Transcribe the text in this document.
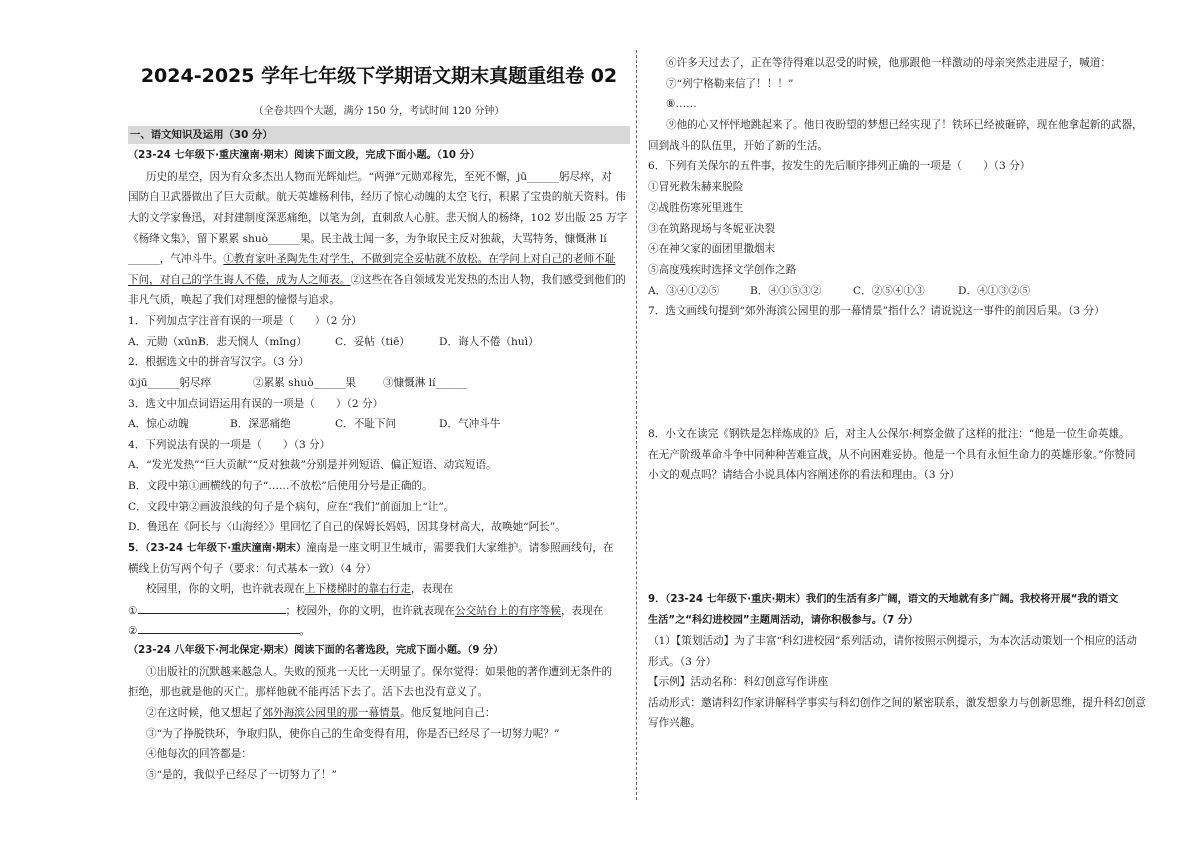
2024-2025 学年七年级下学期语文期末真题重组卷 02
（全卷共四个大题，满分 150 分，考试时间 120 分钟）
一、语文知识及运用（30 分）
（23-24 七年级下·重庆潼南·期末）阅读下面文段，完成下面小题。（10 分）
历史的星空，因为有众多杰出人物而光辉灿烂。“两弹”元勋邓稼先，至死不懈，jū______躬尽瘁，对
国防自卫武器做出了巨大贡献。航天英雄杨利伟，经历了惊心动魄的太空飞行，积累了宝贵的航天资料。伟
大的文学家鲁迅，对封建制度深恶痛绝，以笔为剑，直刺敌人心脏。悲天悯人的杨绛，102 岁出版 25 万字
《杨绛文集》，留下累累 shuò______果。民主战士闻一多，为争取民主反对独裁，大骂特务，慷慨淋 lí
______，气冲斗牛。①教育家叶圣陶先生对学生，不做到完全妥帖就不放松。在学问上对自己的老师不耻
下问，对自己的学生诲人不倦，成为人之师表。②这些在各自领域发光发热的杰出人物，我们感受到他们的
非凡气质，唤起了我们对理想的憧憬与追求。
1．下列加点字注音有误的一项是（　　）（2 分）
A．元勋（xūn）B．悲天悯人（mǐng）	C．妥帖（tiē）	D．诲人不倦（huì）
2．根据选文中的拼音写汉字。（3 分）
①jū______躬尽瘁	②累累 shuò______果	③慷慨淋 lí______
3．选文中加点词语运用有误的一项是（　　）（2 分）
A．惊心动魄	B．深恶痛绝	C．不耻下问	D．气冲斗牛
4．下列说法有误的一项是（　　）（3 分）
A．“发光发热”“巨大贡献”“反对独裁”分别是并列短语、偏正短语、动宾短语。
B．文段中第①画横线的句子“……不放松”后使用分号是正确的。
C．文段中第②画波浪线的句子是个病句，应在“我们”前面加上“让”。
D．鲁迅在《阿长与〈山海经〉》里回忆了自己的保姆长妈妈，因其身材高大，故唤她“阿长”。
5．（23-24 七年级下·重庆潼南·期末）潼南是一座文明卫生城市，需要我们大家维护。请参照画线句，在
横线上仿写两个句子（要求：句式基本一致）（4 分）
校园里，你的文明，也许就表现在上下楼梯时的靠右行走，表现在
①	；校园外，你的文明，也许就表现在公交站台上的有序等候，表现在
②	。
（23-24 八年级下·河北保定·期末）阅读下面的名著选段，完成下面小题。（9 分）
①出版社的沉默越来越急人。失败的预兆一天比一天明显了。保尔觉得：如果他的著作遭到无条件的
拒绝，那也就是他的灭亡。那样他就不能再活下去了。活下去也没有意义了。
②在这时候，他又想起了郊外海滨公园里的那一幕情景。他反复地问自己：
③“为了挣脱铁环，争取归队，使你自己的生命变得有用，你是否已经尽了一切努力呢？”
④他每次的回答都是：
⑤“是的，我似乎已经尽了一切努力了！”
⑥许多天过去了，正在等待得难以忍受的时候，他那跟他一样激动的母亲突然走进屋子，喊道：
⑦“列宁格勒来信了！！！”
⑧……
⑨他的心又怦怦地跳起来了。他日夜盼望的梦想已经实现了！铁环已经被砸碎，现在他拿起新的武器，
回到战斗的队伍里，开始了新的生活。
6．下列有关保尔的五件事，按发生的先后顺序排列正确的一项是（　　）（3 分）
①冒死救朱赫来脱险
②战胜伤寒死里逃生
③在筑路现场与冬妮亚决裂
④在神父家的面团里撒烟末
⑤高度残疾时选择文学创作之路
A．③④①②⑤	B．④①⑤③②	C．②⑤④①③	D．④①③②⑤
7．选文画线句提到“郊外海滨公园里的那一幕情景”指什么？请说说这一事件的前因后果。（3 分）
8．小文在读完《钢铁是怎样炼成的》后，对主人公保尔·柯察金做了这样的批注：“他是一位生命英雄。
在无产阶级革命斗争中同种种苦难宣战，从不向困难妥协。他是一个具有永恒生命力的英雄形象。”你赞同
小文的观点吗？请结合小说具体内容阐述你的看法和理由。（3 分）
9．（23-24 七年级下·重庆·期末）我们的生活有多广阔，语文的天地就有多广阔。我校将开展“我的语文
生活”之“科幻进校园”主题周活动，请你积极参与。（7 分）
（1）【策划活动】为了丰富“科幻进校园”系列活动，请你按照示例提示，为本次活动策划一个相应的活动
形式。（3 分）
【示例】活动名称：科幻创意写作讲座
活动形式：邀请科幻作家讲解科学事实与科幻创作之间的紧密联系，激发想象力与创新思维，提升科幻创意
写作兴趣。
